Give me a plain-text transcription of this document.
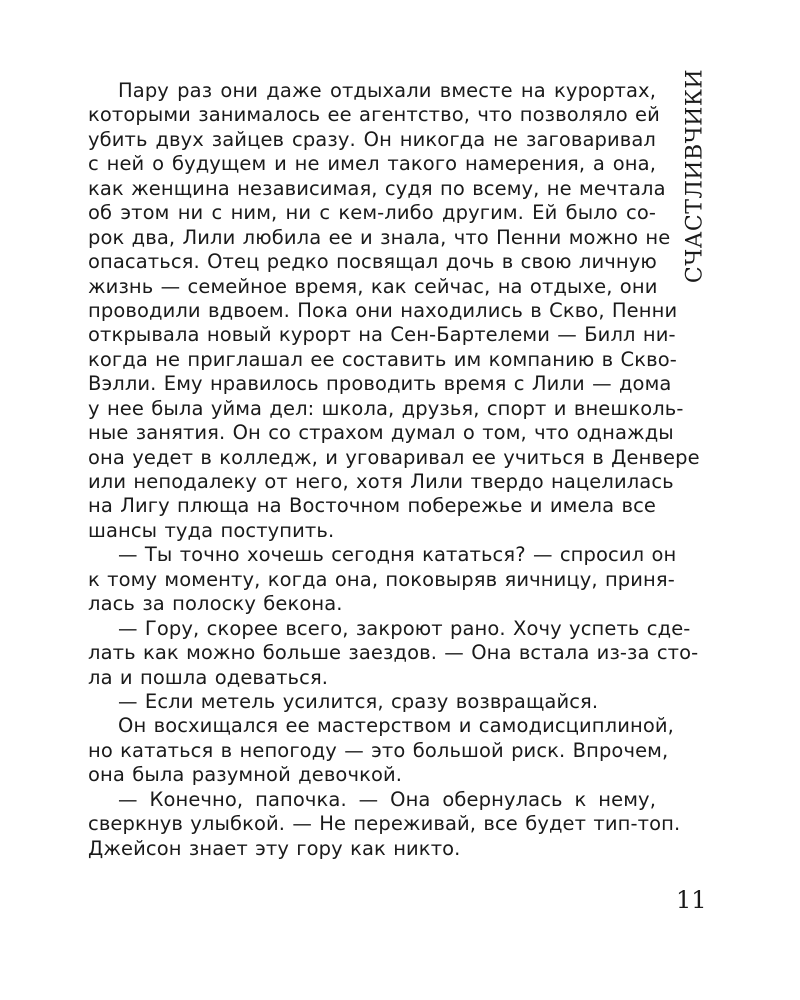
Пару раз они даже отдыхали вместе на курортах,
которыми занималось ее агентство, что позволяло ей
убить двух зайцев сразу. Он никогда не заговаривал
с ней о будущем и не имел такого намерения, а она,
как женщина независимая, судя по всему, не мечтала
об этом ни с ним, ни с кем-либо другим. Ей было со-
рок два, Лили любила ее и знала, что Пенни можно не
опасаться. Отец редко посвящал дочь в свою личную
жизнь — семейное время, как сейчас, на отдыхе, они
проводили вдвоем. Пока они находились в Скво, Пенни
открывала новый курорт на Сен-Бартелеми — Билл ни-
когда не приглашал ее составить им компанию в Скво-
Вэлли. Ему нравилось проводить время с Лили — дома
у нее была уйма дел: школа, друзья, спорт и внешколь-
ные занятия. Он со страхом думал о том, что однажды
она уедет в колледж, и уговаривал ее учиться в Денвере
или неподалеку от него, хотя Лили твердо нацелилась
на Лигу плюща на Восточном побережье и имела все
шансы туда поступить.
— Ты точно хочешь сегодня кататься? — спросил он
к тому моменту, когда она, поковыряв яичницу, приня-
лась за полоску бекона.
— Гору, скорее всего, закроют рано. Хочу успеть сде-
лать как можно больше заездов. — Она встала из-за сто-
ла и пошла одеваться.
— Если метель усилится, сразу возвращайся.
Он восхищался ее мастерством и самодисциплиной,
но кататься в непогоду — это большой риск. Впрочем,
она была разумной девочкой.
— Конечно, папочка. — Она обернулась к нему,
сверкнув улыбкой. — Не переживай, все будет тип-топ.
Джейсон знает эту гору как никто.
СЧАСТЛИВЧИКИ
11
